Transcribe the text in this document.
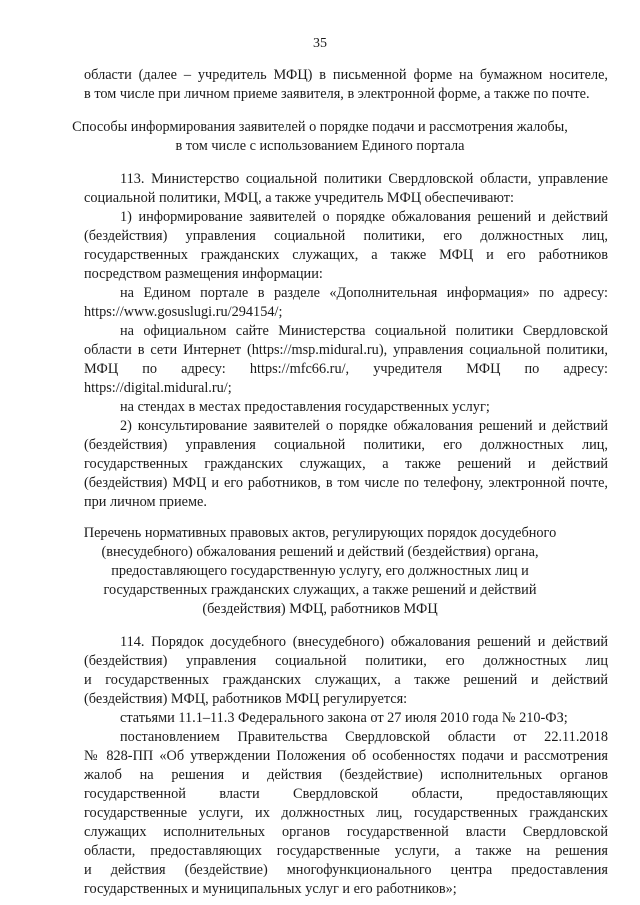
35
области (далее – учредитель МФЦ) в письменной форме на бумажном носителе,
в том числе при личном приеме заявителя, в электронной форме, а также по почте.
Способы информирования заявителей о порядке подачи и рассмотрения жалобы,
в том числе с использованием Единого портала
113. Министерство социальной политики Свердловской области, управление
социальной политики, МФЦ, а также учредитель МФЦ обеспечивают:
1) информирование заявителей о порядке обжалования решений и действий
(бездействия) управления социальной политики, его должностных лиц,
государственных гражданских служащих, а также МФЦ и его работников
посредством размещения информации:
на Едином портале в разделе «Дополнительная информация» по адресу:
https://www.gosuslugi.ru/294154/;
на официальном сайте Министерства социальной политики Свердловской
области в сети Интернет (https://msp.midural.ru), управления социальной политики,
МФЦ по адресу: https://mfc66.ru/, учредителя МФЦ по адресу:
https://digital.midural.ru/;
на стендах в местах предоставления государственных услуг;
2) консультирование заявителей о порядке обжалования решений и действий
(бездействия) управления социальной политики, его должностных лиц,
государственных гражданских служащих, а также решений и действий
(бездействия) МФЦ и его работников, в том числе по телефону, электронной почте,
при личном приеме.
Перечень нормативных правовых актов, регулирующих порядок досудебного
(внесудебного) обжалования решений и действий (бездействия) органа,
предоставляющего государственную услугу, его должностных лиц и
государственных гражданских служащих, а также решений и действий
(бездействия) МФЦ, работников МФЦ
114. Порядок досудебного (внесудебного) обжалования решений и действий
(бездействия) управления социальной политики, его должностных лиц
и государственных гражданских служащих, а также решений и действий
(бездействия) МФЦ, работников МФЦ регулируется:
статьями 11.1–11.3 Федерального закона от 27 июля 2010 года № 210-ФЗ;
постановлением Правительства Свердловской области от 22.11.2018
№ 828-ПП «Об утверждении Положения об особенностях подачи и рассмотрения
жалоб на решения и действия (бездействие) исполнительных органов
государственной власти Свердловской области, предоставляющих
государственные услуги, их должностных лиц, государственных гражданских
служащих исполнительных органов государственной власти Свердловской
области, предоставляющих государственные услуги, а также на решения
и действия (бездействие) многофункционального центра предоставления
государственных и муниципальных услуг и его работников»;
